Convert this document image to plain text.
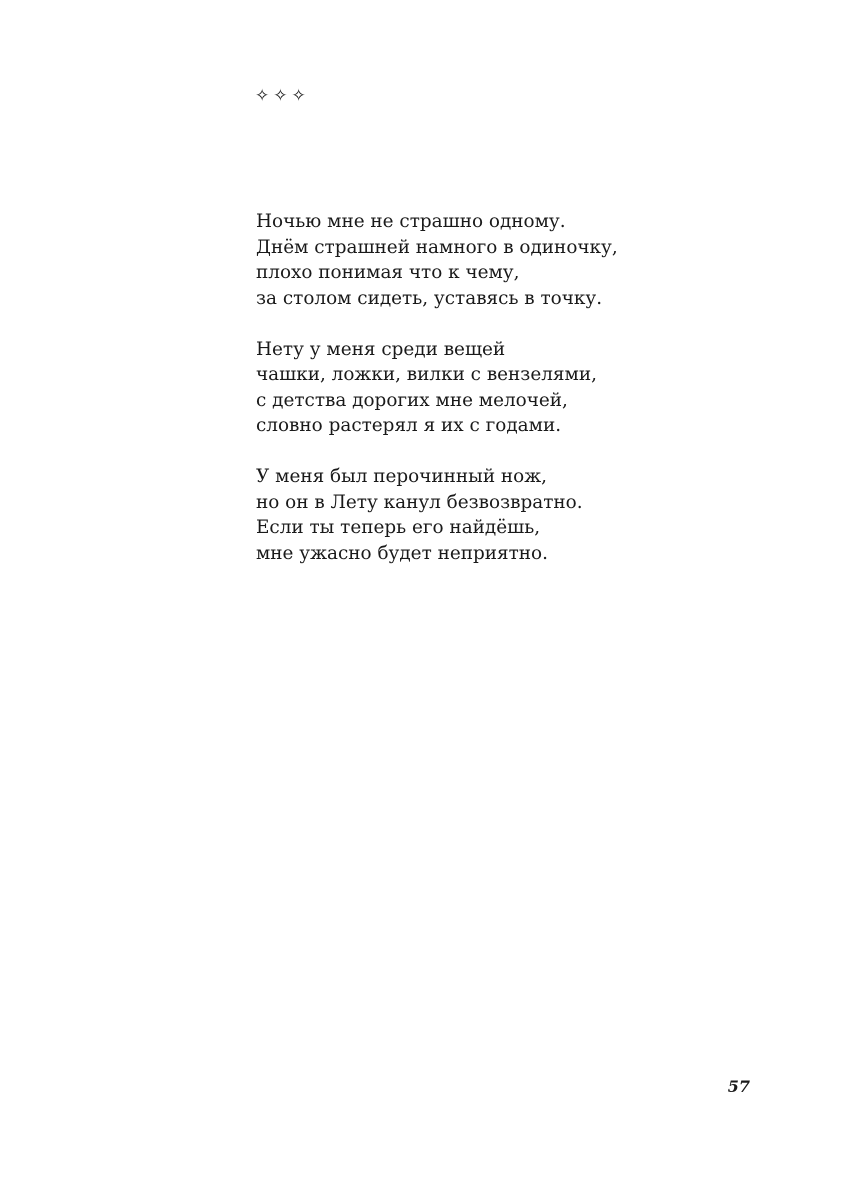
✧✧✧
Ночью мне не страшно одному.
Днём страшней намного в одиночку,
плохо понимая что к чему,
за столом сидеть, уставясь в точку.
Нету у меня среди вещей
чашки, ложки, вилки с вензелями,
с детства дорогих мне мелочей,
словно растерял я их с годами.
У меня был перочинный нож,
но он в Лету канул безвозвратно.
Если ты теперь его найдёшь,
мне ужасно будет неприятно.
57
